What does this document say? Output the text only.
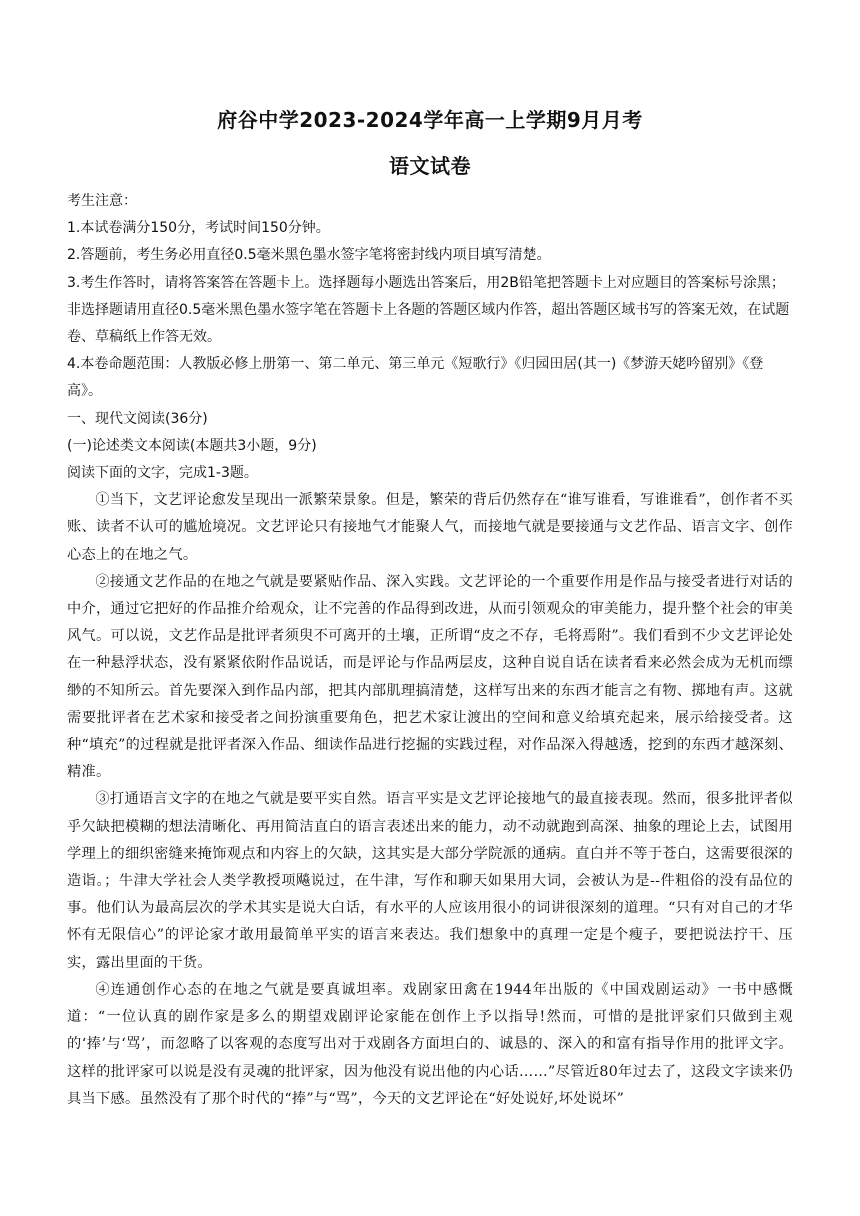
府谷中学2023-2024学年高一上学期9月月考
语文试卷

考生注意：

1.本试卷满分150分，考试时间150分钟。

2.答题前，考生务必用直径0.5毫米黑色墨水签字笔将密封线内项目填写清楚。

3.考生作答时，请将答案答在答题卡上。选择题每小题选出答案后，用2B铅笔把答题卡上对应题目的答案标号涂黑；非选择题请用直径0.5毫米黑色墨水签字笔在答题卡上各题的答题区域内作答，超出答题区域书写的答案无效，在试题卷、草稿纸上作答无效。

4.本卷命题范围：人教版必修上册第一、第二单元、第三单元《短歌行》《归园田居(其一)《梦游天姥吟留别》《登高》。

一、现代文阅读(36分)

(一)论述类文本阅读(本题共3小题，9分)

阅读下面的文字，完成1-3题。

①当下，文艺评论愈发呈现出一派繁荣景象。但是，繁荣的背后仍然存在“谁写谁看，写谁谁看”，创作者不买账、读者不认可的尴尬境况。文艺评论只有接地气才能聚人气，而接地气就是要接通与文艺作品、语言文字、创作心态上的在地之气。

②接通文艺作品的在地之气就是要紧贴作品、深入实践。文艺评论的一个重要作用是作品与接受者进行对话的中介，通过它把好的作品推介给观众，让不完善的作品得到改进，从而引领观众的审美能力，提升整个社会的审美风气。可以说，文艺作品是批评者须臾不可离开的土壤，正所谓“皮之不存，毛将焉附”。我们看到不少文艺评论处在一种悬浮状态，没有紧紧依附作品说话，而是评论与作品两层皮，这种自说自话在读者看来必然会成为无机而缥缈的不知所云。首先要深入到作品内部，把其内部肌理搞清楚，这样写出来的东西才能言之有物、掷地有声。这就需要批评者在艺术家和接受者之间扮演重要角色，把艺术家让渡出的空间和意义给填充起来，展示给接受者。这种“填充”的过程就是批评者深入作品、细读作品进行挖掘的实践过程，对作品深入得越透，挖到的东西才越深刻、精准。

③打通语言文字的在地之气就是要平实自然。语言平实是文艺评论接地气的最直接表现。然而，很多批评者似乎欠缺把模糊的想法清晰化、再用简洁直白的语言表述出来的能力，动不动就跑到高深、抽象的理论上去，试图用学理上的细织密缝来掩饰观点和内容上的欠缺，这其实是大部分学院派的通病。直白并不等于苍白，这需要很深的造诣。；牛津大学社会人类学教授项飚说过，在牛津，写作和聊天如果用大词，会被认为是--件粗俗的没有品位的事。他们认为最高层次的学术其实是说大白话，有水平的人应该用很小的词讲很深刻的道理。“只有对自己的才华怀有无限信心”的评论家才敢用最简单平实的语言来表达。我们想象中的真理一定是个瘦子，要把说法拧干、压实，露出里面的干货。

④连通创作心态的在地之气就是要真诚坦率。戏剧家田禽在1944年出版的《中国戏剧运动》一书中感慨道：“一位认真的剧作家是多么的期望戏剧评论家能在创作上予以指导!然而，可惜的是批评家们只做到主观的‘捧’与‘骂’，而忽略了以客观的态度写出对于戏剧各方面坦白的、诚恳的、深入的和富有指导作用的批评文字。这样的批评家可以说是没有灵魂的批评家，因为他没有说出他的内心话……”尽管近80年过去了，这段文字读来仍具当下感。虽然没有了那个时代的“捧”与“骂”，今天的文艺评论在“好处说好,坏处说坏”
